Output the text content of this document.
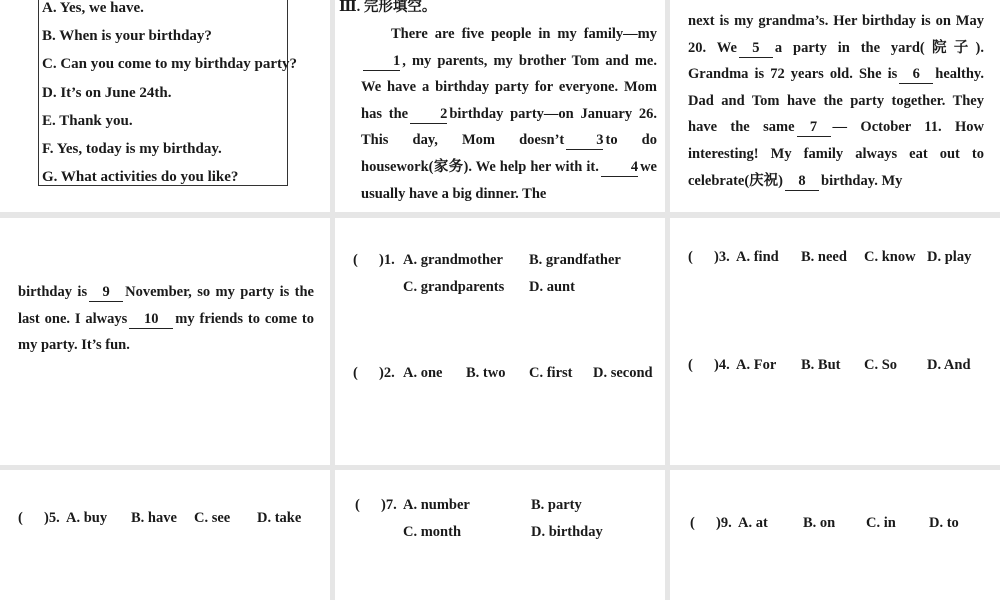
A. Yes, we have.
B. When is your birthday?
C. Can you come to my birthday party?
D. It’s on June 24th.
E. Thank you.
F. Yes, today is my birthday.
G. What activities do you like?
Ⅲ. 完形填空。
There are five people in my family—my1 , my parents, my brother Tom and me. We have a birthday party for everyone. Mom has the 2 birthday party—on January 26. This day, Mom doesn’t 3 to do housework(家务). We help her with it. 4 we usually have a big dinner. The
next is my grandma’s. Her birthday is on May 20. We 5 a party in the yard(院子). Grandma is 72 years old. She is 6 healthy. Dad and Tom have the party together. They have the same 7 — October 11. How interesting! My family always eat out to celebrate(庆祝) 8 birthday. My
birthday is 9 November, so my party is the last one. I always 10 my friends to come to my party. It’s fun.
( )1. A. grandmother B. grandfather
C. grandparents D. aunt
( )2. A. one B. two C. first D. second
( )3. A. find B. need C. know D. play
( )4. A. For B. But C. So D. And
( )5. A. buy B. have C. see D. take
( )7. A. number	B. party
C. month	D. birthday
( )9. A. at B. on C. in D. to
